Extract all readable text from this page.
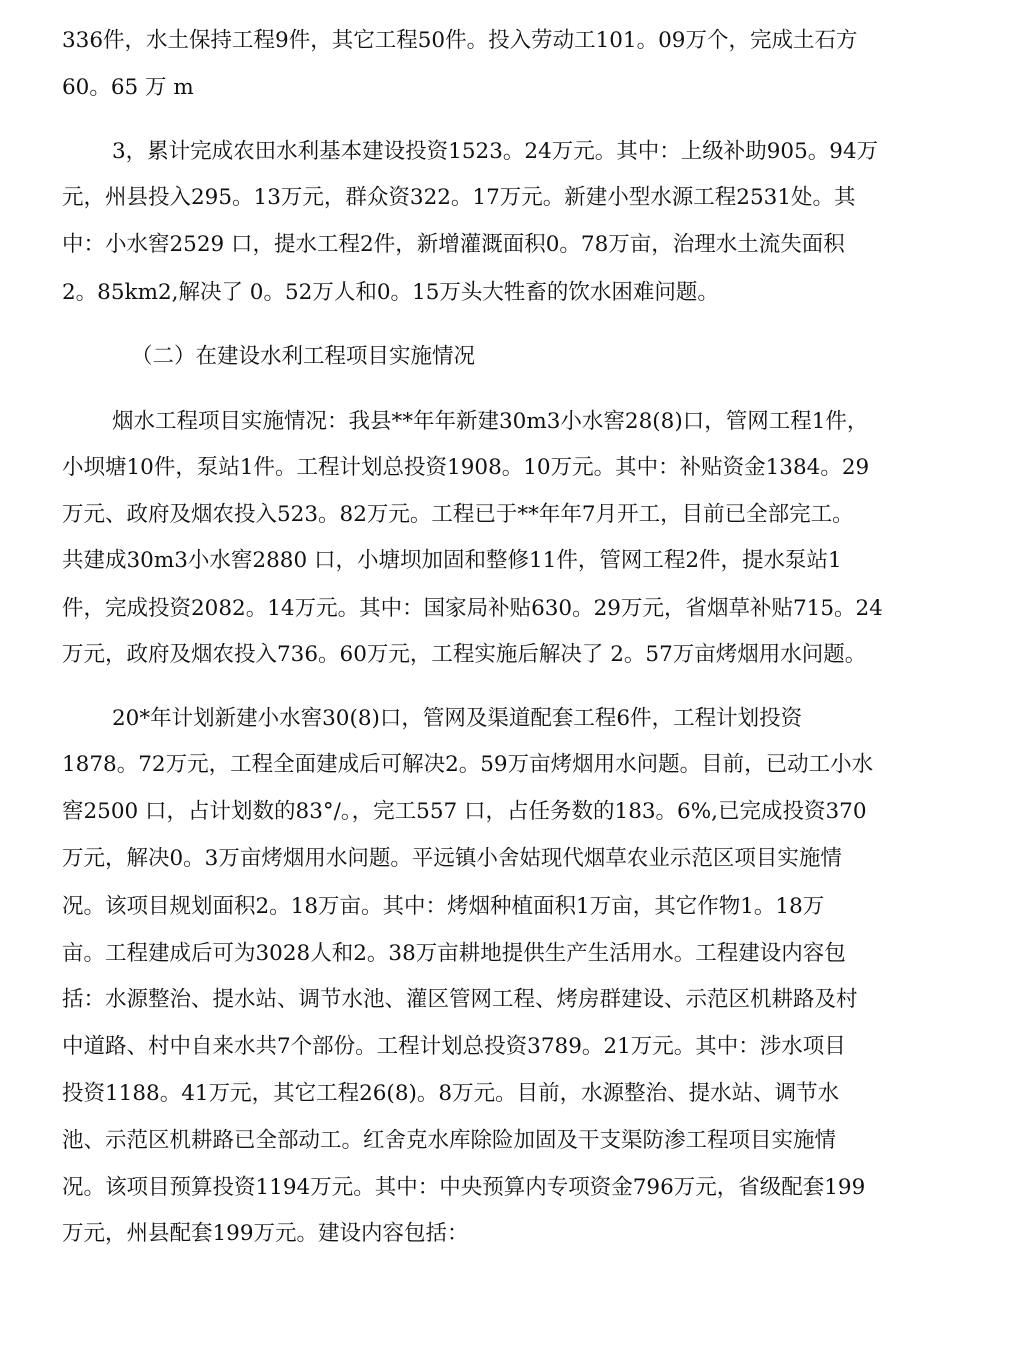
336件，水土保持工程9件，其它工程50件。投入劳动工101。09万个，完成土石方
60。65 万 m
3，累计完成农田水利基本建设投资1523。24万元。其中：上级补助905。94万
元，州县投入295。13万元，群众资322。17万元。新建小型水源工程2531处。其
中：小水窖2529 口，提水工程2件，新增灌溉面积0。78万亩，治理水土流失面积
2。85km2,解决了 0。52万人和0。15万头大牲畜的饮水困难问题。
（二）在建设水利工程项目实施情况
烟水工程项目实施情况：我县**年年新建30m3小水窖28(8)口，管网工程1件，
小坝塘10件，泵站1件。工程计划总投资1908。10万元。其中：补贴资金1384。29
万元、政府及烟农投入523。82万元。工程已于**年年7月开工，目前已全部完工。
共建成30m3小水窖2880 口，小塘坝加固和整修11件，管网工程2件，提水泵站1
件，完成投资2082。14万元。其中：国家局补贴630。29万元，省烟草补贴715。24
万元，政府及烟农投入736。60万元，工程实施后解决了 2。57万亩烤烟用水问题。
20*年计划新建小水窖30(8)口，管网及渠道配套工程6件，工程计划投资
1878。72万元，工程全面建成后可解决2。59万亩烤烟用水问题。目前，已动工小水
窖2500 口，占计划数的83°/。，完工557 口，占任务数的183。6%,已完成投资370
万元，解决0。3万亩烤烟用水问题。平远镇小舍姑现代烟草农业示范区项目实施情
况。该项目规划面积2。18万亩。其中：烤烟种植面积1万亩，其它作物1。18万
亩。工程建成后可为3028人和2。38万亩耕地提供生产生活用水。工程建设内容包
括：水源整治、提水站、调节水池、灌区管网工程、烤房群建设、示范区机耕路及村
中道路、村中自来水共7个部份。工程计划总投资3789。21万元。其中：涉水项目
投资1188。41万元，其它工程26(8)。8万元。目前，水源整治、提水站、调节水
池、示范区机耕路已全部动工。红舍克水库除险加固及干支渠防渗工程项目实施情
况。该项目预算投资1194万元。其中：中央预算内专项资金796万元，省级配套199
万元，州县配套199万元。建设内容包括：
